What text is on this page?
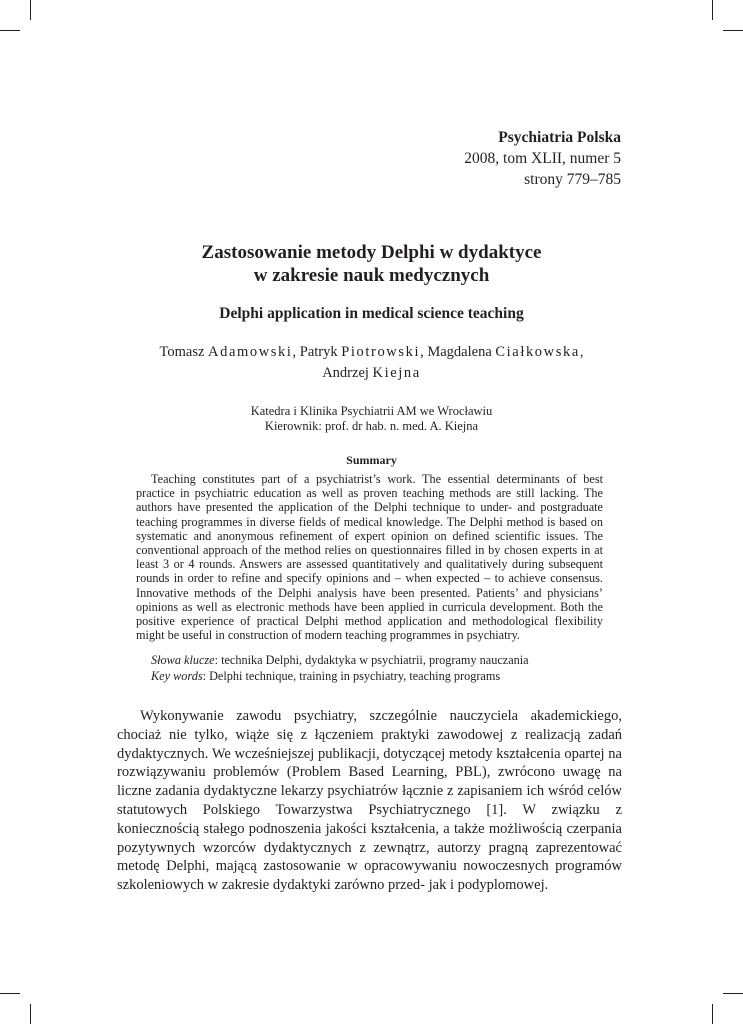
Psychiatria Polska
2008, tom XLII, numer 5
strony 779–785
Zastosowanie metody Delphi w dydaktyce
w zakresie nauk medycznych
Delphi application in medical science teaching
Tomasz Adamowski, Patryk Piotrowski, Magdalena Ciałkowska,
Andrzej Kiejna
Katedra i Klinika Psychiatrii AM we Wrocławiu
Kierownik: prof. dr hab. n. med. A. Kiejna
Summary

Teaching constitutes part of a psychiatrist’s work. The essential determinants of best practice in psychiatric education as well as proven teaching methods are still lacking. The authors have presented the application of the Delphi technique to under- and postgraduate teaching programmes in diverse fields of medical knowledge. The Delphi method is based on systematic and anonymous refinement of expert opinion on defined scientific issues. The conventional approach of the method relies on questionnaires filled in by chosen experts in at least 3 or 4 rounds. Answers are assessed quantitatively and qualitatively during subsequent rounds in order to refine and specify opinions and – when expected – to achieve consensus. Innovative methods of the Delphi analysis have been presented. Patients’ and physicians’ opinions as well as electronic methods have been applied in curricula development. Both the positive experience of practical Delphi method application and methodological flexibility might be useful in construction of modern teaching programmes in psychiatry.

Słowa klucze: technika Delphi, dydaktyka w psychiatrii, programy nauczania
Key words: Delphi technique, training in psychiatry, teaching programs

Wykonywanie zawodu psychiatry, szczególnie nauczyciela akademickiego, chociaż nie tylko, wiąże się z łączeniem praktyki zawodowej z realizacją zadań dydaktycznych. We wcześniejszej publikacji, dotyczącej metody kształcenia opartej na rozwiązywaniu problemów (Problem Based Learning, PBL), zwrócono uwagę na liczne zadania dydaktyczne lekarzy psychiatrów łącznie z zapisaniem ich wśród celów statutowych Polskiego Towarzystwa Psychiatrycznego [1]. W związku z koniecznością stałego podnoszenia jakości kształcenia, a także możliwością czerpania pozytywnych wzorców dydaktycznych z zewnątrz, autorzy pragną zaprezentować metodę Delphi, mającą zastosowanie w opracowywaniu nowoczesnych programów szkoleniowych w zakresie dydaktyki zarówno przed- jak i podyplomowej.
